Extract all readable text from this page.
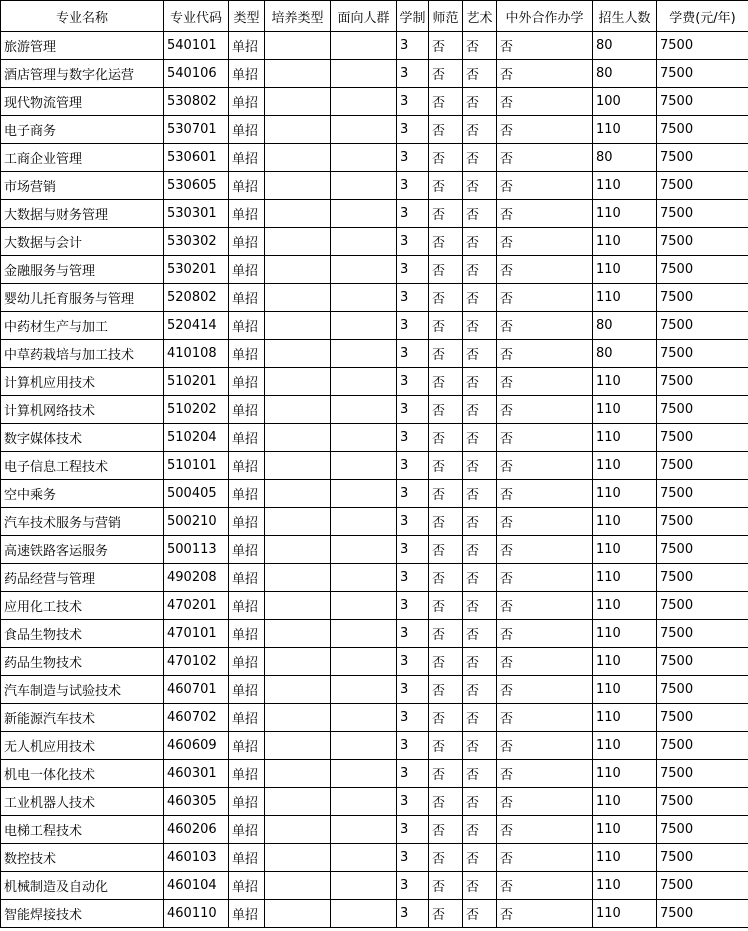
专业名称	专业代码	类型	培养类型	面向人群	学制	师范	艺术	中外合作办学	招生人数	学费(元/年)
旅游管理	540101	单招			3	否	否	否	80	7500
酒店管理与数字化运营	540106	单招			3	否	否	否	80	7500
现代物流管理	530802	单招			3	否	否	否	100	7500
电子商务	530701	单招			3	否	否	否	110	7500
工商企业管理	530601	单招			3	否	否	否	80	7500
市场营销	530605	单招			3	否	否	否	110	7500
大数据与财务管理	530301	单招			3	否	否	否	110	7500
大数据与会计	530302	单招			3	否	否	否	110	7500
金融服务与管理	530201	单招			3	否	否	否	110	7500
婴幼儿托育服务与管理	520802	单招			3	否	否	否	110	7500
中药材生产与加工	520414	单招			3	否	否	否	80	7500
中草药栽培与加工技术	410108	单招			3	否	否	否	80	7500
计算机应用技术	510201	单招			3	否	否	否	110	7500
计算机网络技术	510202	单招			3	否	否	否	110	7500
数字媒体技术	510204	单招			3	否	否	否	110	7500
电子信息工程技术	510101	单招			3	否	否	否	110	7500
空中乘务	500405	单招			3	否	否	否	110	7500
汽车技术服务与营销	500210	单招			3	否	否	否	110	7500
高速铁路客运服务	500113	单招			3	否	否	否	110	7500
药品经营与管理	490208	单招			3	否	否	否	110	7500
应用化工技术	470201	单招			3	否	否	否	110	7500
食品生物技术	470101	单招			3	否	否	否	110	7500
药品生物技术	470102	单招			3	否	否	否	110	7500
汽车制造与试验技术	460701	单招			3	否	否	否	110	7500
新能源汽车技术	460702	单招			3	否	否	否	110	7500
无人机应用技术	460609	单招			3	否	否	否	110	7500
机电一体化技术	460301	单招			3	否	否	否	110	7500
工业机器人技术	460305	单招			3	否	否	否	110	7500
电梯工程技术	460206	单招			3	否	否	否	110	7500
数控技术	460103	单招			3	否	否	否	110	7500
机械制造及自动化	460104	单招			3	否	否	否	110	7500
智能焊接技术	460110	单招			3	否	否	否	110	7500
